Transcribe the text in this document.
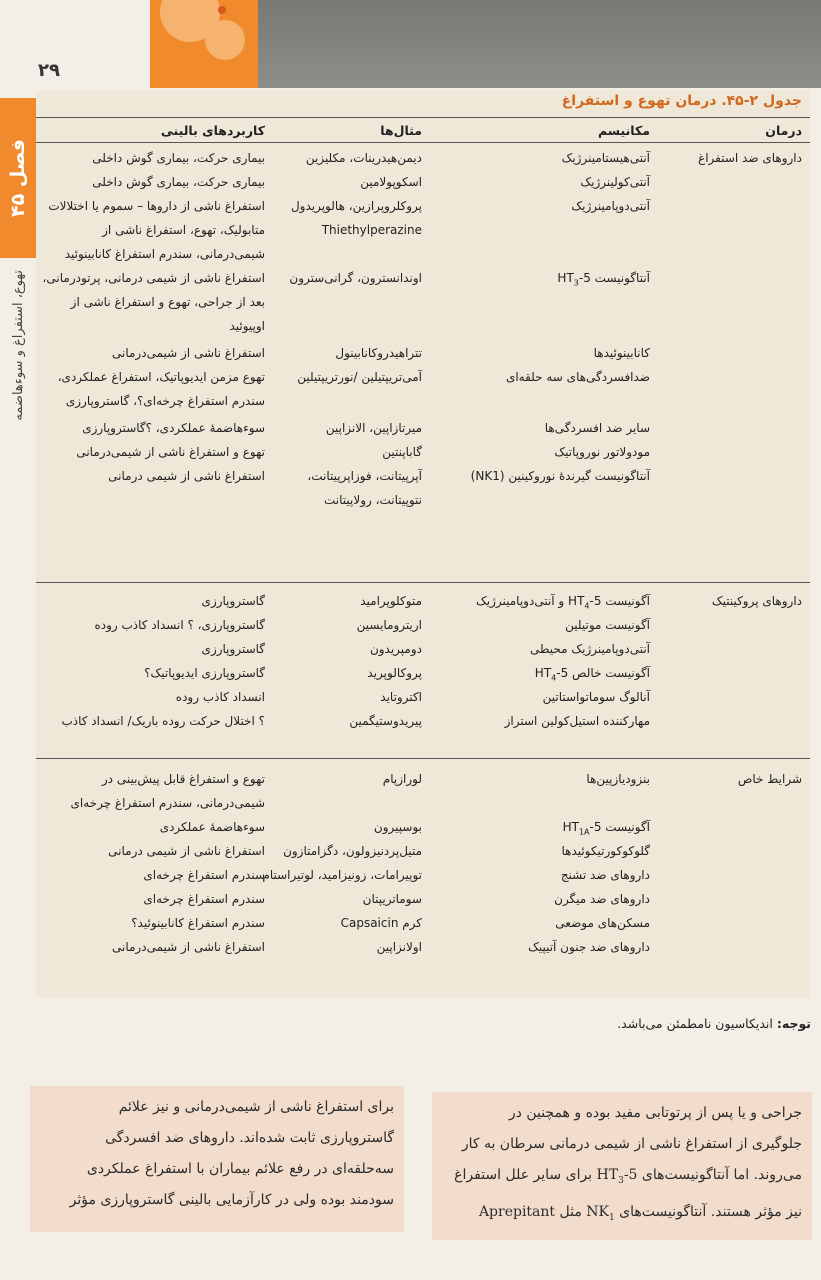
۲۹
فصل ۴۵
تهوع، استفراغ و سوءهاضمه
جدول ۲-۴۵. درمان تهوع و استفراغ
درمان
مکانیسم
مثال‌ها
کاربردهای بالینی
داروهای ضد استفراغ
داروهای پروکینتیک
شرایط خاص
آنتی‌هیستامینرژیک
دیمن‌هیدرینات، مکلیزین
بیماری حرکت، بیماری گوش داخلی
آنتی‌کولینرژیک
اسکوپولامین
بیماری حرکت، بیماری گوش داخلی
آنتی‌دوپامینرژیک
پروکلروپرازین، هالوپریدول
استفراغ ناشی از داروها – سموم یا اختلالات
Thiethylperazine
متابولیک، تهوع، استفراغ ناشی از
شیمی‌درمانی، سندرم استفراغ کانابینوئید
آنتاگونیست $5-HT_3$
اوندانسترون، گرانی‌سترون
استفراغ ناشی از شیمی درمانی، پرتودرمانی،
بعد از جراحی، تهوع و استفراغ ناشی از
اوپیوئید
کانابینوئیدها
تتراهیدروکانابینول
استفراغ ناشی از شیمی‌درمانی
ضدافسردگی‌های سه حلقه‌ای
آمی‌تریپتیلین /نورتریپتیلین
تهوع مزمن ایدیوپاتیک، استفراغ عملکردی،
سندرم استفراغ چرخه‌ای؟، گاستروپارزی
سایر ضد افسردگی‌ها
میرتازاپین، الانزاپین
سوءهاضمهٔ عملکردی، ؟گاستروپارزی
مودولاتور نوروپاتیک
گاباپنتین
تهوع و استفراغ ناشی از شیمی‌درمانی
آنتاگونیست گیرندهٔ نوروکینین (NK1)
آپرپیتانت، فوزاپرپیتانت،
استفراغ ناشی از شیمی درمانی
نتوپیتانت، رولاپیتانت
آگونیست $5-HT_4$ و آنتی‌دوپامینرژیک
متوکلوپرامید
گاستروپارزی
آگونیست موتیلین
اریترومایسین
گاستروپارزی، ؟ انسداد کاذب روده
آنتی‌دوپامینرژیک محیطی
دومپریدون
گاستروپارزی
آگونیست خالص $5-HT_4$
پروکالوپرید
گاستروپارزی ایدیوپاتیک؟
آنالوگ سوماتواستاتین
اکتروتاید
انسداد کاذب روده
مهارکننده استیل‌کولین استراز
پیریدوستیگمین
؟ اختلال حرکت روده باریک/ انسداد کاذب
بنزودیازپین‌ها
لورازپام
تهوع و استفراغ قابل پیش‌بینی در
شیمی‌درمانی، سندرم استفراغ چرخه‌ای
آگونیست $5-HT_{1A}$
بوسپیرون
سوءهاضمهٔ عملکردی
گلوکوکورتیکوئیدها
متیل‌پردنیزولون، دگزامتازون
استفراغ ناشی از شیمی درمانی
داروهای ضد تشنج
توپیرامات، زونیزامید، لوتیراستام
سندرم استفراغ چرخه‌ای
داروهای ضد میگرن
سوماتریپتان
سندرم استفراغ چرخه‌ای
مسکن‌های موضعی
کرم Capsaicin
سندرم استفراغ کانابینوئید؟
داروهای ضد جنون آتیپیک
اولانزاپین
استفراغ ناشی از شیمی‌درمانی
توجه: اندیکاسیون نامطمئن می‌باشد.

جراحی و یا پس از پرتوتابی مفید بوده و همچنین در

جلوگیری از استفراغ ناشی از شیمی درمانی سرطان به کار

می‌روند. اما آنتاگونیست‌های $5-HT_3$ برای سایر علل استفراغ

نیز مؤثر هستند. آنتاگونیست‌های $NK_1$ مثل Aprepitant

برای استفراغ ناشی از شیمی‌درمانی و نیز علائم

گاستروپارزی ثابت شده‌اند. داروهای ضد افسردگی

سه‌حلقه‌ای در رفع علائم بیماران با استفراغ عملکردی

سودمند بوده ولی در کارآزمایی بالینی گاستروپارزی مؤثر
